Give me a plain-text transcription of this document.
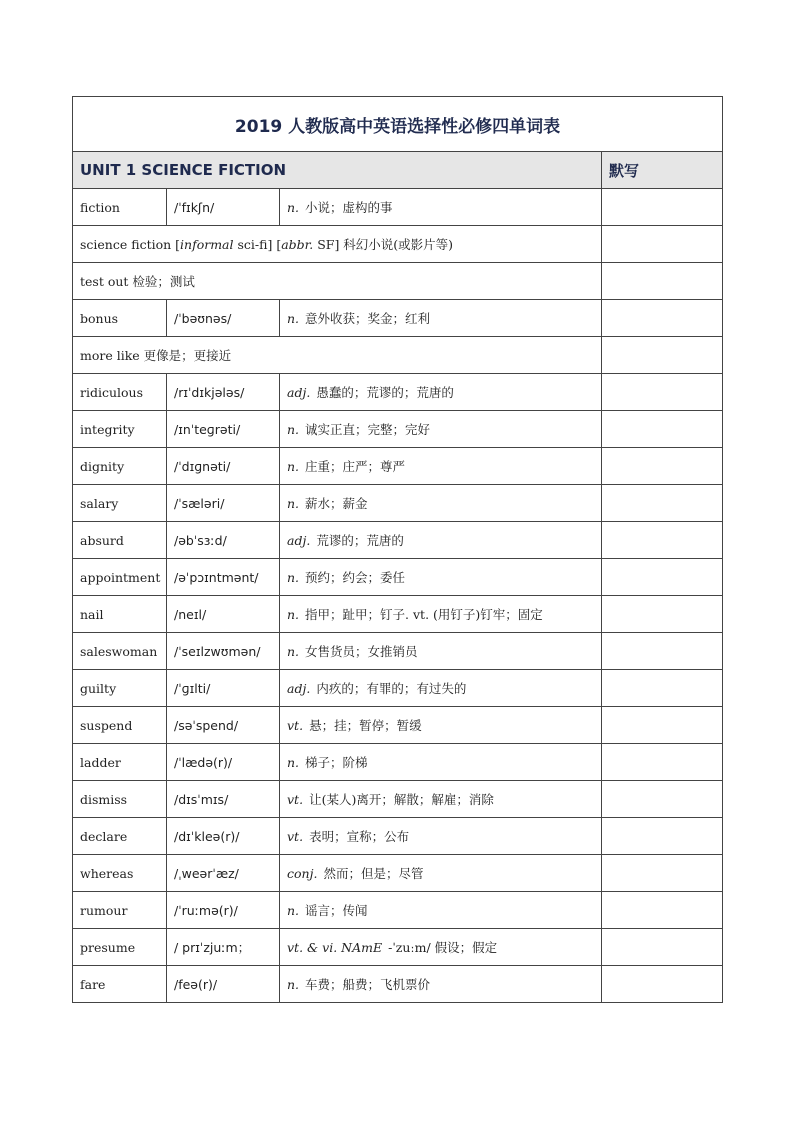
2019 人教版高中英语选择性必修四单词表			
UNIT 1 SCIENCE FICTION			默写
fiction	/ˈfɪkʃn/	n. 小说；虚构的事	
science fiction [informal sci-fi] [abbr. SF] 科幻小说(或影片等)			
test out 检验；测试			
bonus	/ˈbəʊnəs/	n. 意外收获；奖金；红利	
more like 更像是；更接近			
ridiculous	/rɪˈdɪkjələs/	adj. 愚蠢的；荒谬的；荒唐的	
integrity	/ɪnˈteɡrəti/	n. 诚实正直；完整；完好	
dignity	/ˈdɪɡnəti/	n. 庄重；庄严；尊严	
salary	/ˈsæləri/	n. 薪水；薪金	
absurd	/əbˈsɜːd/	adj. 荒谬的；荒唐的	
appointment	/əˈpɔɪntmənt/	n. 预约；约会；委任	
nail	/neɪl/	n. 指甲；趾甲；钉子. vt. (用钉子)钉牢；固定	
saleswoman	/ˈseɪlzwʊmən/	n. 女售货员；女推销员	
guilty	/ˈɡɪlti/	adj. 内疚的；有罪的；有过失的	
suspend	/səˈspend/	vt. 悬；挂；暂停；暂缓	
ladder	/ˈlædə(r)/	n. 梯子；阶梯	
dismiss	/dɪsˈmɪs/	vt. 让(某人)离开；解散；解雇；消除	
declare	/dɪˈkleə(r)/	vt. 表明；宣称；公布	
whereas	/ˌweərˈæz/	conj. 然而；但是；尽管	
rumour	/ˈruːmə(r)/	n. 谣言；传闻	
presume	/ prɪˈzjuːm；	vt. & vi. NAmE -ˈzuːm/ 假设；假定	
fare	/feə(r)/	n. 车费；船费；飞机票价	
